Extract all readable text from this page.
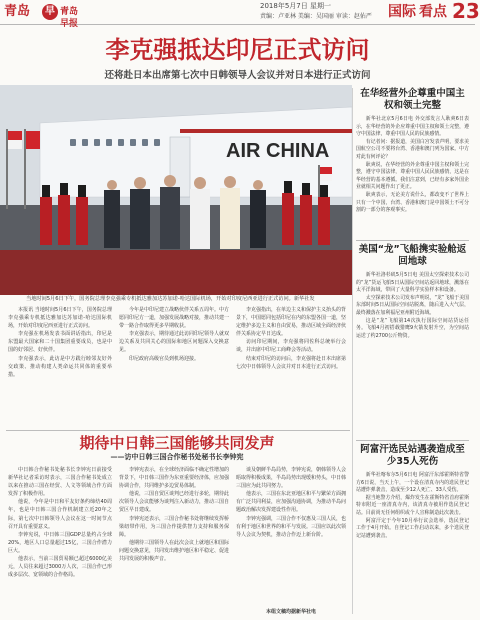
青岛	早 青岛早报
2018年5月7日 星期一
责编：卢亚林 美编：吴国丽 审读：赵佑严 国际 看点 23
李克强抵达印尼正式访问
还将赴日本出席第七次中日韩领导人会议并对日本进行正式访问
AIR CHINA
当地时间5月6日下午，国务院总理李克强乘专机抵达雅加达苏加诺-哈达国际机场，开始对印度尼西亚进行正式访问。新华社发

本报讯 当地时间5月6日下午，国务院总理李克强乘专机抵达雅加达苏加诺-哈达国际机场，开始对印度尼西亚进行正式访问。

李克强在机场发表书面讲话指出，印尼是东盟最大国家和二十国集团重要成员，也是中国的好邻居、好伙伴。

李克强表示，此访是中方践行睦邻友好外交政策、推动构建人类命运共同体的重要举措。

今年是中印尼建立战略伙伴关系五周年。中方愿同印尼方一道，加强发展战略对接，推动共建一带一路合作取得更多早期收获。

李克强表示，期待通过此访同印尼领导人就双边关系及共同关心的国际和地区问题深入交换意见。

印尼政府高级官员到机场迎接。

李克强指出，在单边主义和保护主义抬头的背景下，中国愿同包括印尼在内的东盟各国一道，坚定维护多边主义和自由贸易，推动区域全面经济伙伴关系协定早日达成。

访问印尼期间，李克强将同佐科总统举行会谈，并出席中印尼工商峰会等活动。

结束对印尼的访问后，李克强将赴日本出席第七次中日韩领导人会议并对日本进行正式访问。

期待中日韩三国能够共同发声
——访中日韩三国合作秘书处秘书长李钟宪

中日韩合作秘书处秘书长李钟宪日前接受新华社记者采访时表示，三国合作秘书处成立以来在推动三国在经贸、人文等领域合作方面发挥了积极作用。

他说，今年是中日和平友好条约缔结40周年，也是中日韩三国合作机制建立近20年之际，第七次中日韩领导人会议在这一时间节点召开具有重要意义。

李钟宪说，中日韩三国GDP总量约占全球20%，地区人口总量超过15亿，三国合作潜力巨大。

他表示，当前三国贸易额已超过6000亿美元，人员往来超过3000万人次，三国合作已形成多层次、宽领域的合作格局。

李钟宪表示，在全球经济面临不确定性增加的背景下，中日韩三国作为东亚重要经济体，应加强协调合作，共同维护多边贸易体制。

他说，三国自贸区谈判已经进行多轮，期待此次领导人会议能够为谈判注入新动力，推动三国自贸区早日建成。

李钟宪还表示，三国合作秘书处将继续发挥桥梁纽带作用，为三国合作提供智力支持和服务保障。

他期待三国领导人在此次会议上就地区和国际问题交换意见，共同发出维护地区和平稳定、促进共同发展的积极声音。

谈及朝鲜半岛局势，李钟宪说，朝韩领导人会晤取得积极成果，半岛局势出现缓和势头，中日韩三国应为此共同努力。

他表示，三国在东北亚地区和平与繁荣方面拥有广泛共同利益，应加强沟通协调，为推动半岛问题政治解决发挥建设性作用。

李钟宪强调，三国合作不仅惠及三国人民，也有利于地区和世界的和平与发展。三国应以此次领导人会议为契机，推动合作迈上新台阶。

本组文稿均据新华社电
在华经营外企尊重中国主权和领土完整

新华社北京5月6日电 外交部发言人耿爽6日表示，在华经营的外企应尊重中国主权和领土完整，遵守中国法律，尊重中国人民的民族感情。

有记者问：据报道，美国白宫发表声明，要求美国航空公司不要将台湾、香港和澳门列为国家。中方对此有何评论？

耿爽说，在华经营的外企尊重中国主权和领土完整，遵守中国法律，尊重中国人民民族感情，这是在华经营的基本遵循。我们注意到，已经有多家外国企业就相关问题作出了更正。

耿爽表示，无论美方说什么，都改变不了世界上只有一个中国，台湾、香港和澳门是中国领土不可分割的一部分的客观事实。

美国“龙”飞船携实验舱返回地球

新华社洛杉矶5月5日电 美国太空探索技术公司的“龙”货运飞船5日从国际空间站返回地球，溅落在太平洋海域，带回了大量科学实验样本和设备。

太空探索技术公司发布声明说，“龙”飞船于美国东部时间5日从国际空间站脱离，随后进入大气层，最终溅落在加利福尼亚州附近海域。

这是“龙”飞船第14次执行国际空间站货运任务。飞船4月初搭载猎鹰9火箭发射升空，为空间站运送了约2700公斤物资。

阿富汗选民站遇袭造成至少35人死伤

新华社喀布尔5月6日电 阿富汗东部霍斯特省警方6日说，当天上午，一个设在清真寺内的选民登记站遭炸弹袭击，造成至少12人死亡、33人受伤。

据当地警方介绍，爆炸发生在霍斯特省首府霍斯特市附近一座清真寺内，该清真寺被用作选民登记站。目前尚无任何组织或个人宣称制造此次袭击。

阿富汗定于今年10月举行议会选举，选民登记工作于4月开始。自登记工作启动以来，多个选民登记站遭到袭击。
